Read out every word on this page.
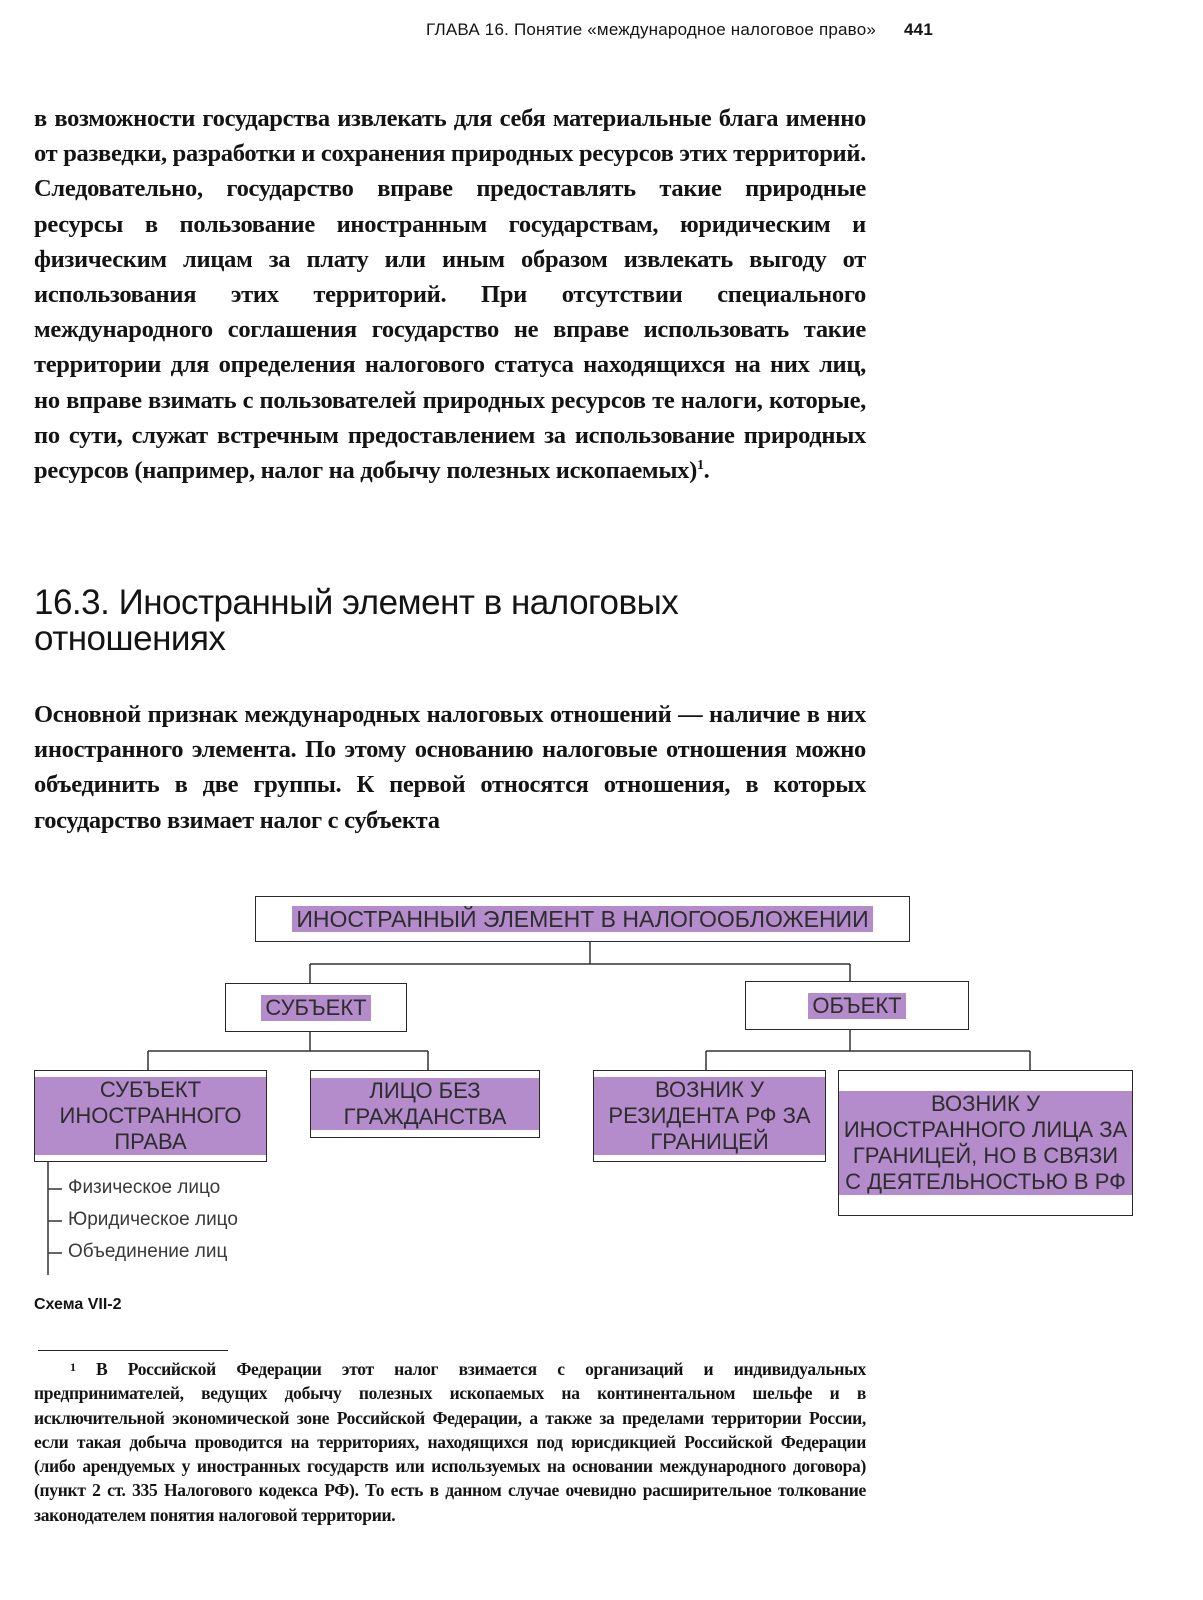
ГЛАВА 16. Понятие «международное налоговое право» 441

в возможности государства извлекать для себя материальные блага именно от разведки, разработки и сохранения природных ресурсов этих территорий. Следовательно, государство вправе предоставлять такие природные ресурсы в пользование иностранным государствам, юридическим и физическим лицам за плату или иным образом извлекать выгоду от использования этих территорий. При отсутствии специального международного соглашения государство не вправе использовать такие территории для определения налогового статуса находящихся на них лиц, но вправе взимать с пользователей природных ресурсов те налоги, которые, по сути, служат встречным предоставлением за использование природных ресурсов (например, налог на добычу полезных ископаемых)$^1$.

16.3. Иностранный элемент в налоговых отношениях

Основной признак международных налоговых отношений — наличие в них иностранного элемента. По этому основанию налоговые отношения можно объединить в две группы. К первой относятся отношения, в которых государство взимает налог с субъекта

ИНОСТРАННЫЙ ЭЛЕМЕНТ В НАЛОГООБЛОЖЕНИИ
СУБЪЕКТ	ОБЪЕКТ
СУБЪЕКТ ИНОСТРАННОГО ПРАВА
ЛИЦО БЕЗ ГРАЖДАНСТВА
ВОЗНИК У РЕЗИДЕНТА РФ ЗА ГРАНИЦЕЙ
ВОЗНИК У ИНОСТРАННОГО ЛИЦА ЗА ГРАНИЦЕЙ, НО В СВЯЗИ С ДЕЯТЕЛЬНОСТЬЮ В РФ
Физическое лицо
Юридическое лицо
Объединение лиц
Схема VII-2

1 В Российской Федерации этот налог взимается с организаций и индивидуальных предпринимателей, ведущих добычу полезных ископаемых на континентальном шельфе и в исключительной экономической зоне Российской Федерации, а также за пределами территории России, если такая добыча проводится на территориях, находящихся под юрисдикцией Российской Федерации (либо арендуемых у иностранных государств или используемых на основании международного договора) (пункт 2 ст. 335 Налогового кодекса РФ). То есть в данном случае очевидно расширительное толкование законодателем понятия налоговой территории.
